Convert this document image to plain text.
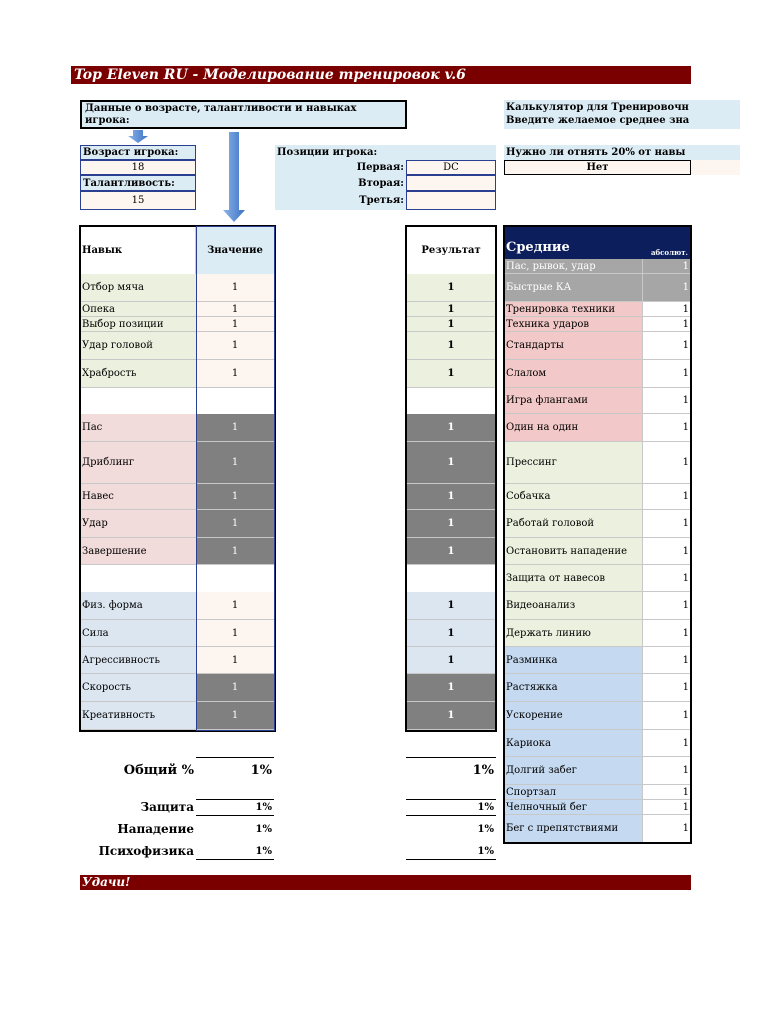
Top Eleven RU - Моделирование тренировок v.6
Данные о возрасте, талантливости и навыках игрока:
Калькулятор для Тренировочн
Введите желаемое среднее зна
Возраст игрока:
18
Талантливость:
15
Позиции игрока:
Первая:	DC
Вторая:
Третья:
Нужно ли отнять 20% от навы
Нет
Навык	Значение	Результат	Средние	абсолют.
Отбор мяча	1	1
Опека	1	1
Выбор позиции	1	1
Удар головой	1	1
Храбрость	1	1
Пас	1	1
Дриблинг	1	1
Навес	1	1
Удар	1	1
Завершение	1	1
Физ. форма	1	1
Сила	1	1
Агрессивность	1	1
Скорость	1	1
Креативность	1	1
Пас, рывок, удар	1
Быстрые КА	1
Тренировка техники	1
Техника ударов	1
Стандарты	1
Слалом	1
Игра флангами	1
Один на один	1
Прессинг	1
Собачка	1
Работай головой	1
Остановить нападение	1
Защита от навесов	1
Видеоанализ	1
Держать линию	1
Разминка	1
Растяжка	1
Ускорение	1
Кариока	1
Долгий забег	1
Спортзал	1
Челночный бег	1
Бег с препятствиями	1
Общий %	1%	1%
Защита	1%	1%
Нападение	1%	1%
Психофизика	1%	1%
Удачи!
